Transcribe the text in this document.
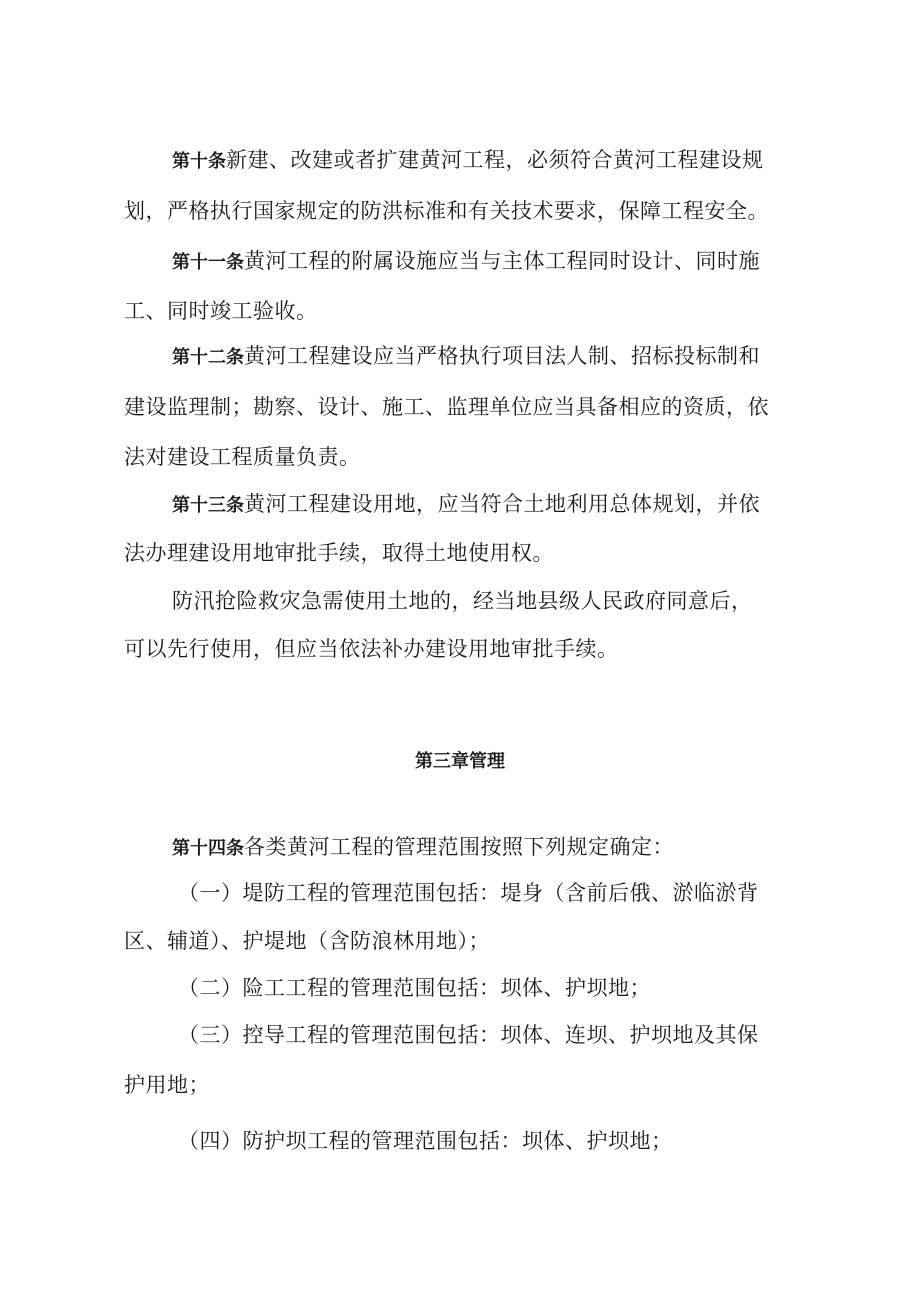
第十条新建、改建或者扩建黄河工程，必须符合黄河工程建设规
划，严格执行国家规定的防洪标准和有关技术要求，保障工程安全。
第十一条黄河工程的附属设施应当与主体工程同时设计、同时施
工、同时竣工验收。
第十二条黄河工程建设应当严格执行项目法人制、招标投标制和
建设监理制；勘察、设计、施工、监理单位应当具备相应的资质，依
法对建设工程质量负责。
第十三条黄河工程建设用地，应当符合土地利用总体规划，并依
法办理建设用地审批手续，取得土地使用权。
防汛抢险救灾急需使用土地的，经当地县级人民政府同意后，
可以先行使用，但应当依法补办建设用地审批手续。
第三章管理
第十四条各类黄河工程的管理范围按照下列规定确定：
（一）堤防工程的管理范围包括：堤身（含前后俄、淤临淤背
区、辅道）、护堤地（含防浪林用地）；
（二）险工工程的管理范围包括：坝体、护坝地；
（三）控导工程的管理范围包括：坝体、连坝、护坝地及其保
护用地；
（四）防护坝工程的管理范围包括：坝体、护坝地；
